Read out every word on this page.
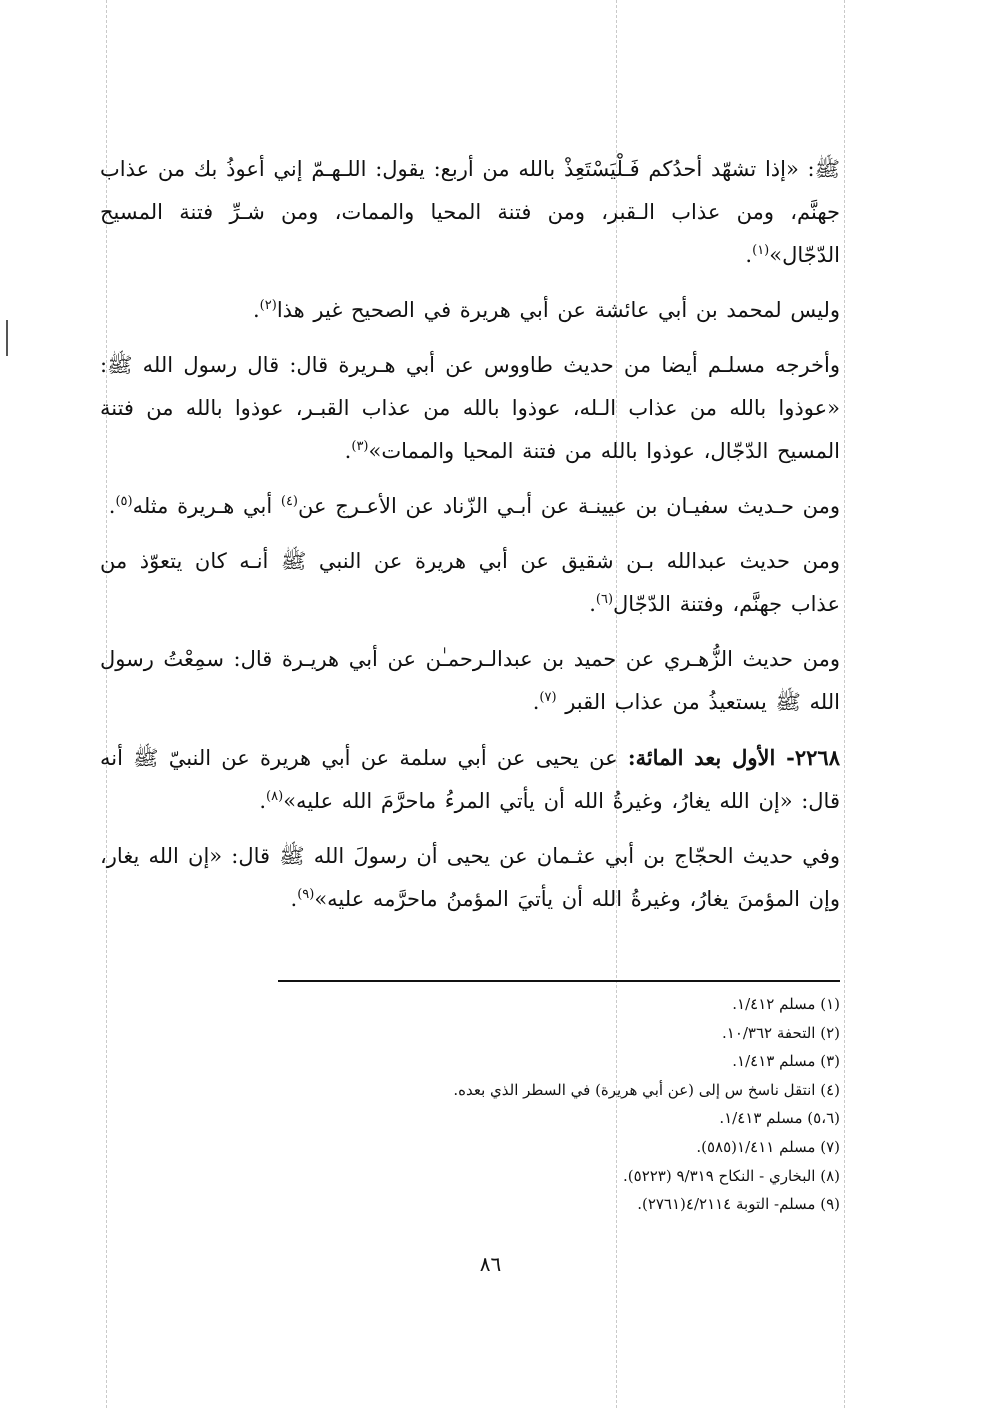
ﷺ: «إذا تشهّد أحدُكم فَـلْيَسْتَعِذْ بالله من أربع: يقول: اللـهـمّ إني أعوذُ بك من عذاب جهنَّم، ومن عذاب الـقبر، ومن فتنة المحيا والممات، ومن شـرِّ فتنة المسيح الدّجّال»$^{(١)}$.

وليس لمحمد بن أبي عائشة عن أبي هريرة في الصحيح غير هذا$^{(٢)}$.

وأخرجه مسلـم أيضا من حديث طاووس عن أبي هـريرة قال: قال رسول الله ﷺ: «عوذوا بالله من عذاب الـله، عوذوا بالله من عذاب القبـر، عوذوا بالله من فتنة المسيح الدّجّال، عوذوا بالله من فتنة المحيا والممات»$^{(٣)}$.

ومن حـديث سفيـان بن عيينـة عن أبـي الزّناد عن الأعـرج عن$^{(٤)}$ أبي هـريرة مثله$^{(٥)}$.

ومن حديث عبدالله بـن شقيق عن أبي هريرة عن النبي ﷺ أنـه كان يتعوّذ من عذاب جهنَّم، وفتنة الدّجّال$^{(٦)}$.

ومن حديث الزُّهـري عن حميد بن عبدالـرحمـٰن عن أبي هريـرة قال: سمِعْتُ رسول الله ﷺ يستعيذُ من عذاب القبر $^{(٧)}$.

٢٢٦٨- الأول بعد المائة: عن يحيى عن أبي سلمة عن أبي هريرة عن النبيّ ﷺ أنه قال: «إن الله يغارُ، وغيرةُ الله أن يأتي المرءُ ماحرَّمَ الله عليه»$^{(٨)}$.

وفي حديث الحجّاج بن أبي عثـمان عن يحيى أن رسولَ الله ﷺ قال: «إن الله يغار، وإن المؤمنَ يغارُ، وغيرةُ الله أن يأتيَ المؤمنُ ماحرَّمه عليه»$^{(٩)}$.

(١) مسلم ١/٤١٢.
(٢) التحفة ١٠/٣٦٢.
(٣) مسلم ١/٤١٣.
(٤) انتقل ناسخ س إلى (عن أبي هريرة) في السطر الذي بعده.
(٥،٦) مسلم ١/٤١٣.
(٧) مسلم ١/٤١١(٥٨٥).
(٨) البخاري - النكاح ٩/٣١٩ (٥٢٢٣).
(٩) مسلم- التوبة ٤/٢١١٤(٢٧٦١).
٨٦
